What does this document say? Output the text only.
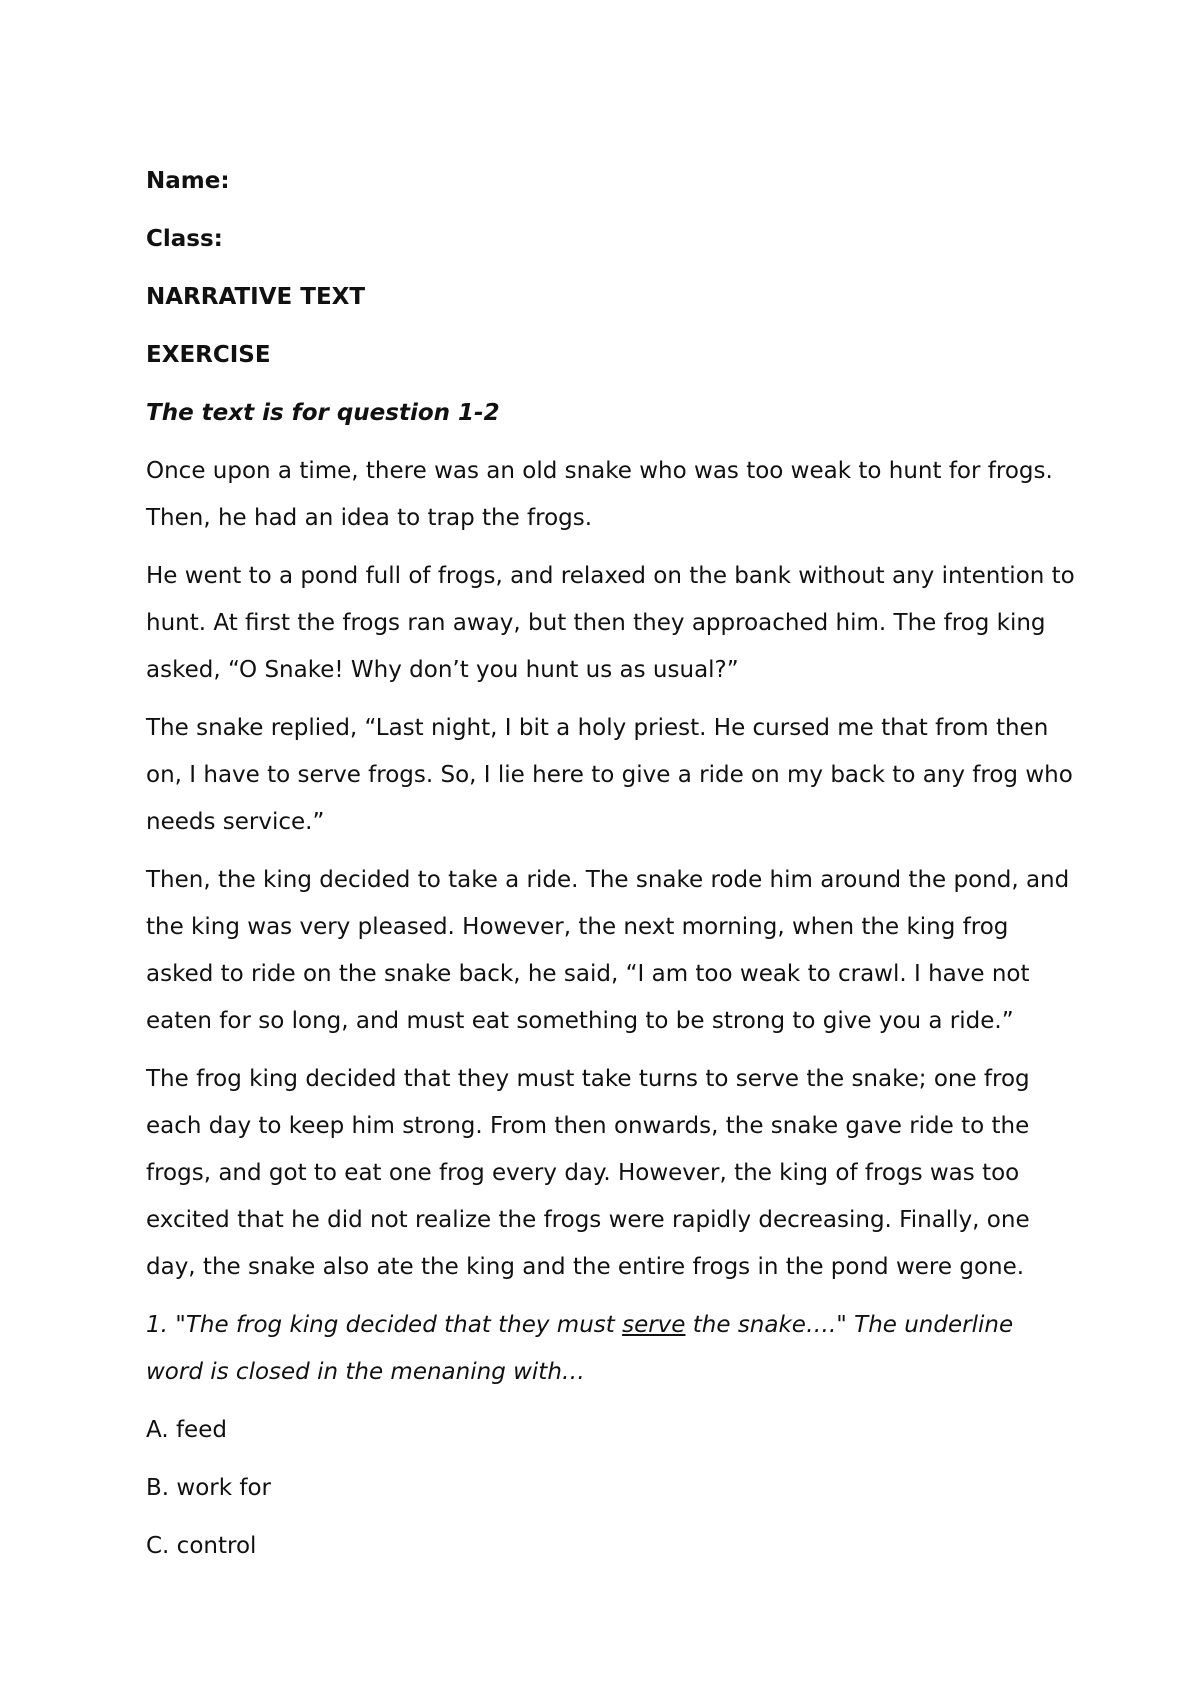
Name:
Class:
NARRATIVE TEXT
EXERCISE
The text is for question 1-2
Once upon a time, there was an old snake who was too weak to hunt for frogs. Then, he had an idea to trap the frogs.
He went to a pond full of frogs, and relaxed on the bank without any intention to hunt. At first the frogs ran away, but then they approached him. The frog king asked, “O Snake! Why don’t you hunt us as usual?”
The snake replied, “Last night, I bit a holy priest. He cursed me that from then on, I have to serve frogs. So, I lie here to give a ride on my back to any frog who needs service.”
Then, the king decided to take a ride. The snake rode him around the pond, and the king was very pleased. However, the next morning, when the king frog asked to ride on the snake back, he said, “I am too weak to crawl. I have not eaten for so long, and must eat something to be strong to give you a ride.”
The frog king decided that they must take turns to serve the snake; one frog each day to keep him strong. From then onwards, the snake gave ride to the frogs, and got to eat one frog every day. However, the king of frogs was too excited that he did not realize the frogs were rapidly decreasing. Finally, one day, the snake also ate the king and the entire frogs in the pond were gone.
1. "The frog king decided that they must serve the snake…." The underline word is closed in the menaning with…
A. feed
B. work for
C. control
